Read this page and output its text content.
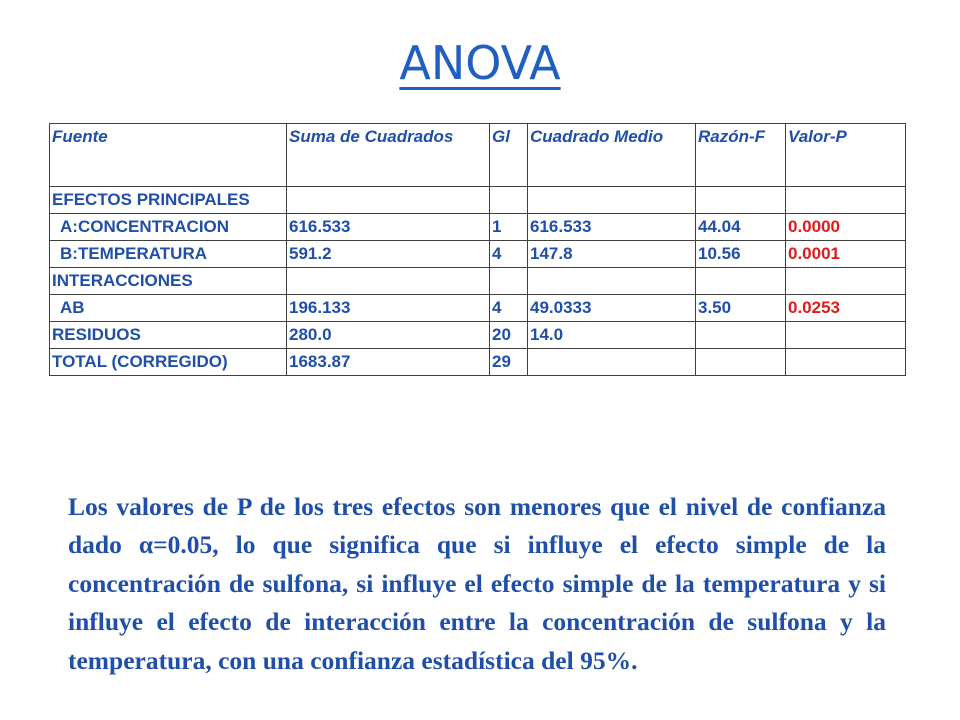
ANOVA
Fuente	Suma de Cuadrados	Gl	Cuadrado Medio	Razón-F	Valor-P
EFECTOS PRINCIPALES					
A:CONCENTRACION	616.533	1	616.533	44.04	0.0000
B:TEMPERATURA	591.2	4	147.8	10.56	0.0001
INTERACCIONES					
AB	196.133	4	49.0333	3.50	0.0253
RESIDUOS	280.0	20	14.0		
TOTAL (CORREGIDO)	1683.87	29			

Los valores de P de los tres efectos son menores que el nivel de confianza dado α=0.05, lo que significa que si influye el efecto simple de la concentración de sulfona, si influye el efecto simple de la temperatura y si influye el efecto de interacción entre la concentración de sulfona y la temperatura, con una confianza estadística del 95%.
